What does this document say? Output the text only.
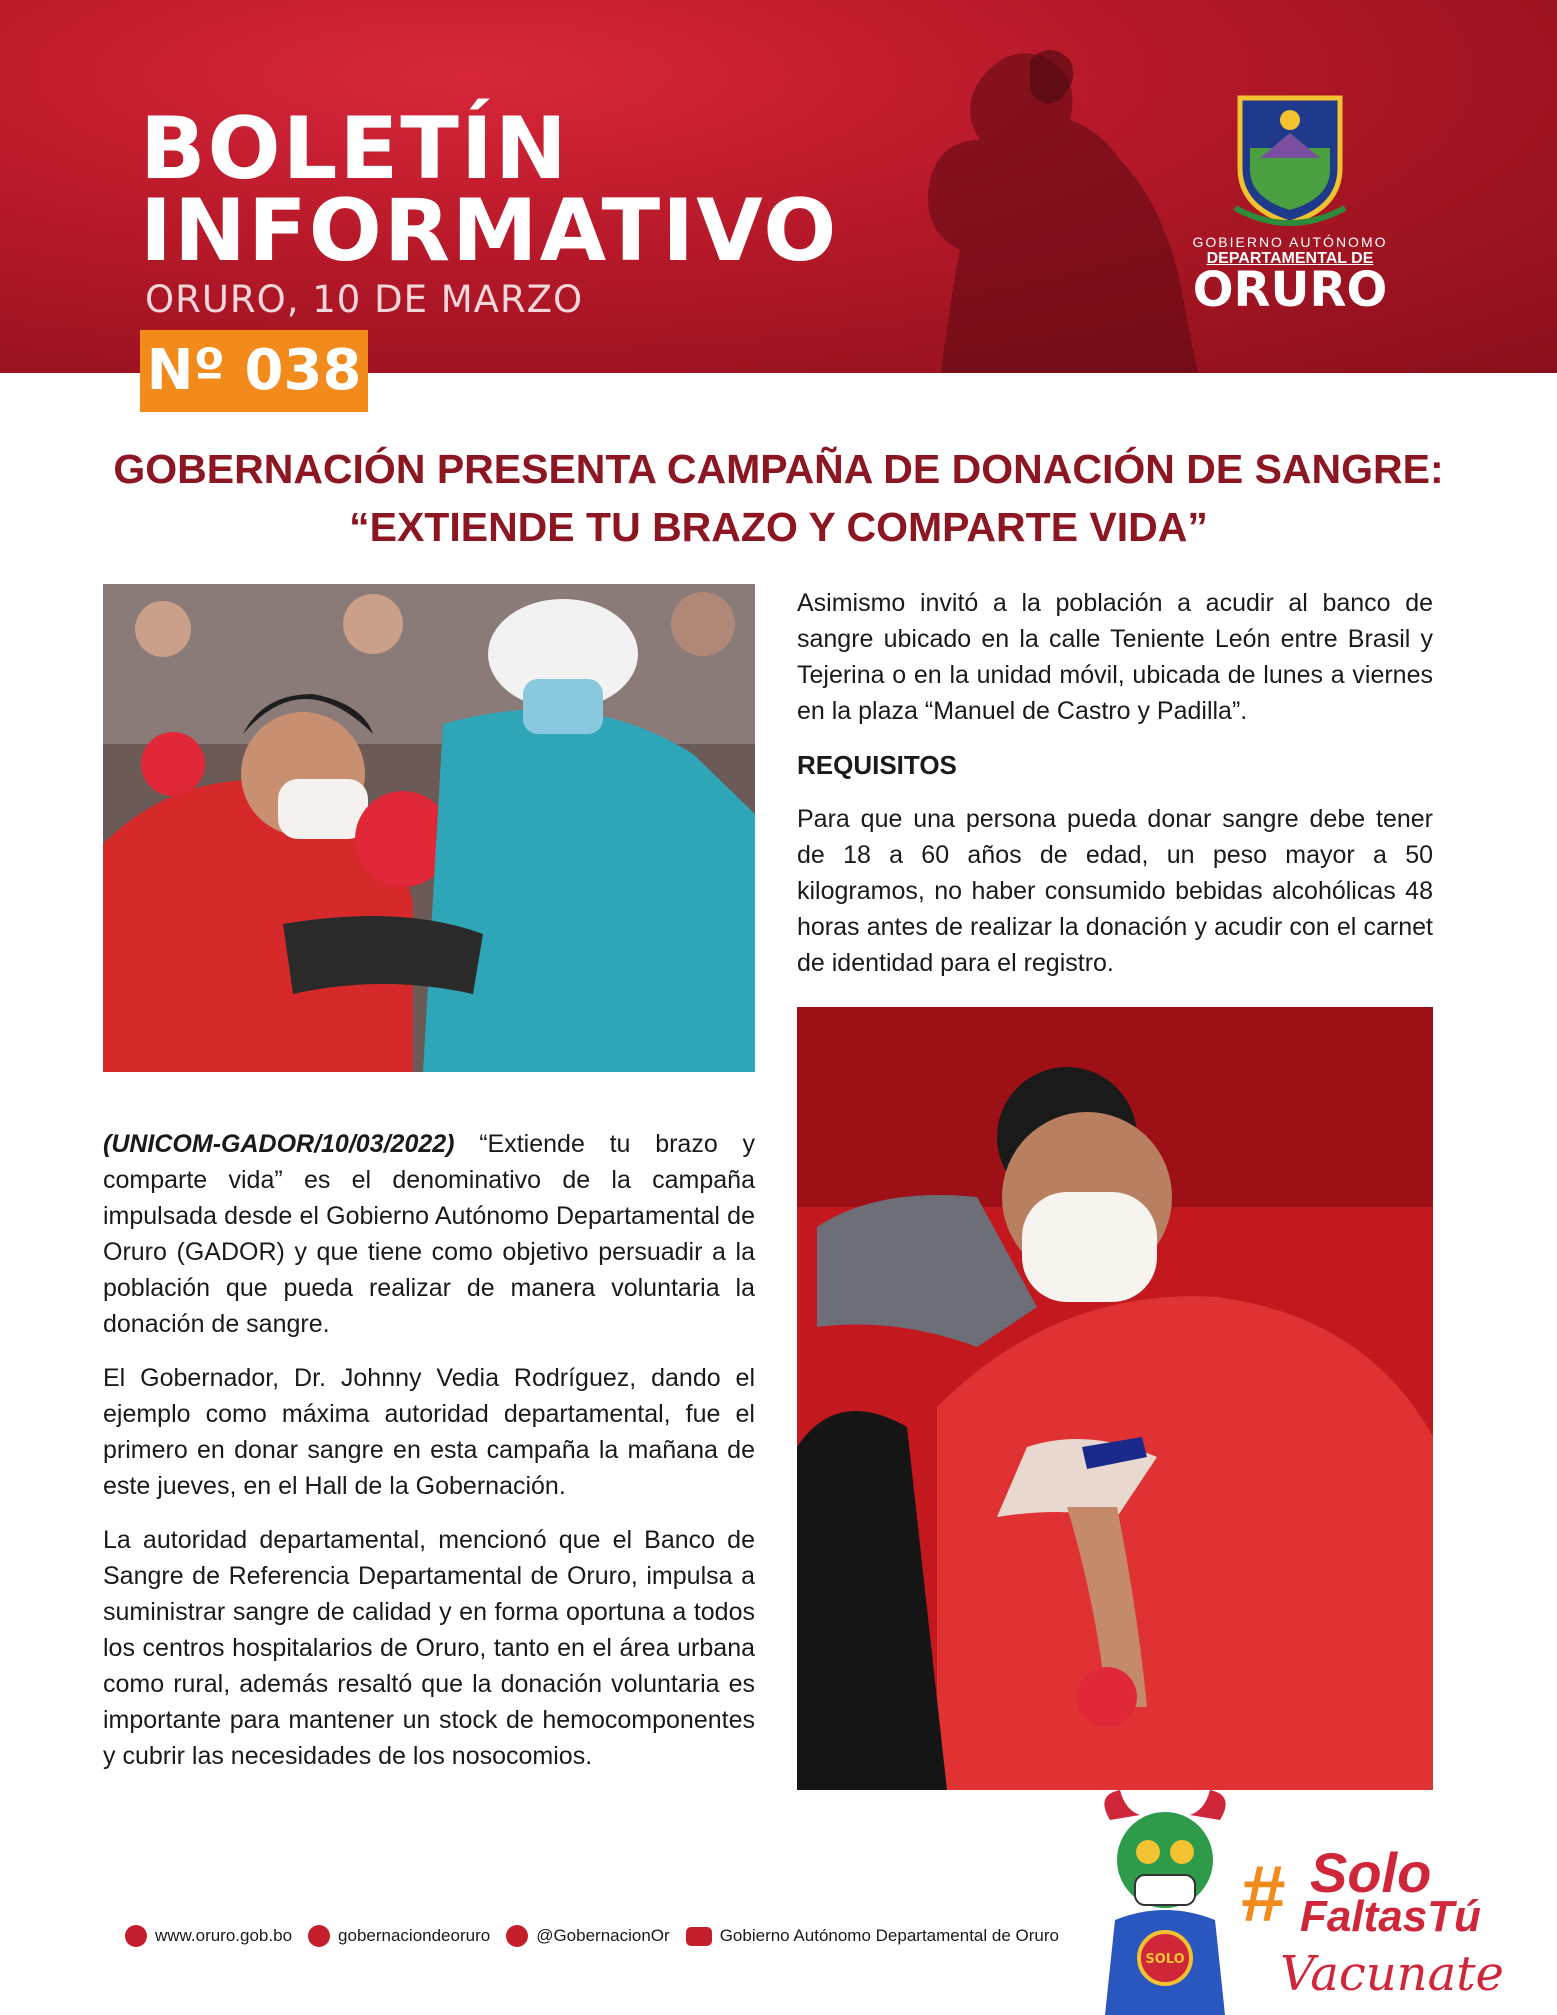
BOLETÍN
INFORMATIVO
ORURO, 10 DE MARZO
GOBIERNO AUTÓNOMO
DEPARTAMENTAL DE
ORURO
Nº 038
GOBERNACIÓN PRESENTA CAMPAÑA DE DONACIÓN DE SANGRE:
“EXTIENDE TU BRAZO Y COMPARTE VIDA”

(UNICOM-GADOR/10/03/2022) “Extiende tu brazo y comparte vida” es el denominativo de la campaña impulsada desde el Gobierno Autónomo Departamental de Oruro (GADOR) y que tiene como objetivo persuadir a la población que pueda realizar de manera voluntaria la donación de sangre.

El Gobernador, Dr. Johnny Vedia Rodríguez, dando el ejemplo como máxima autoridad departamental, fue el primero en donar sangre en esta campaña la mañana de este jueves, en el Hall de la Gobernación.

La autoridad departamental, mencionó que el Banco de Sangre de Referencia Departamental de Oruro, impulsa a suministrar sangre de calidad y en forma oportuna a todos los centros hospitalarios de Oruro, tanto en el área urbana como rural, además resaltó que la donación voluntaria es importante para mantener un stock de hemocomponentes y cubrir las necesidades de los nosocomios.

Asimismo invitó a la población a acudir al banco de sangre ubicado en la calle Teniente León entre Brasil y Tejerina o en la unidad móvil, ubicada de lunes a viernes en la plaza “Manuel de Castro y Padilla”.

REQUISITOS

Para que una persona pueda donar sangre debe tener de 18 a 60 años de edad, un peso mayor a 50 kilogramos, no haber consumido bebidas alcohólicas 48 horas antes de realizar la donación y acudir con el carnet de identidad para el registro.

www.oruro.gob.bo	gobernaciondeoruro	@GobernacionOr	Gobierno Autónomo Departamental de Oruro
SOLO
# Solo
FaltasTú
Vacunate
